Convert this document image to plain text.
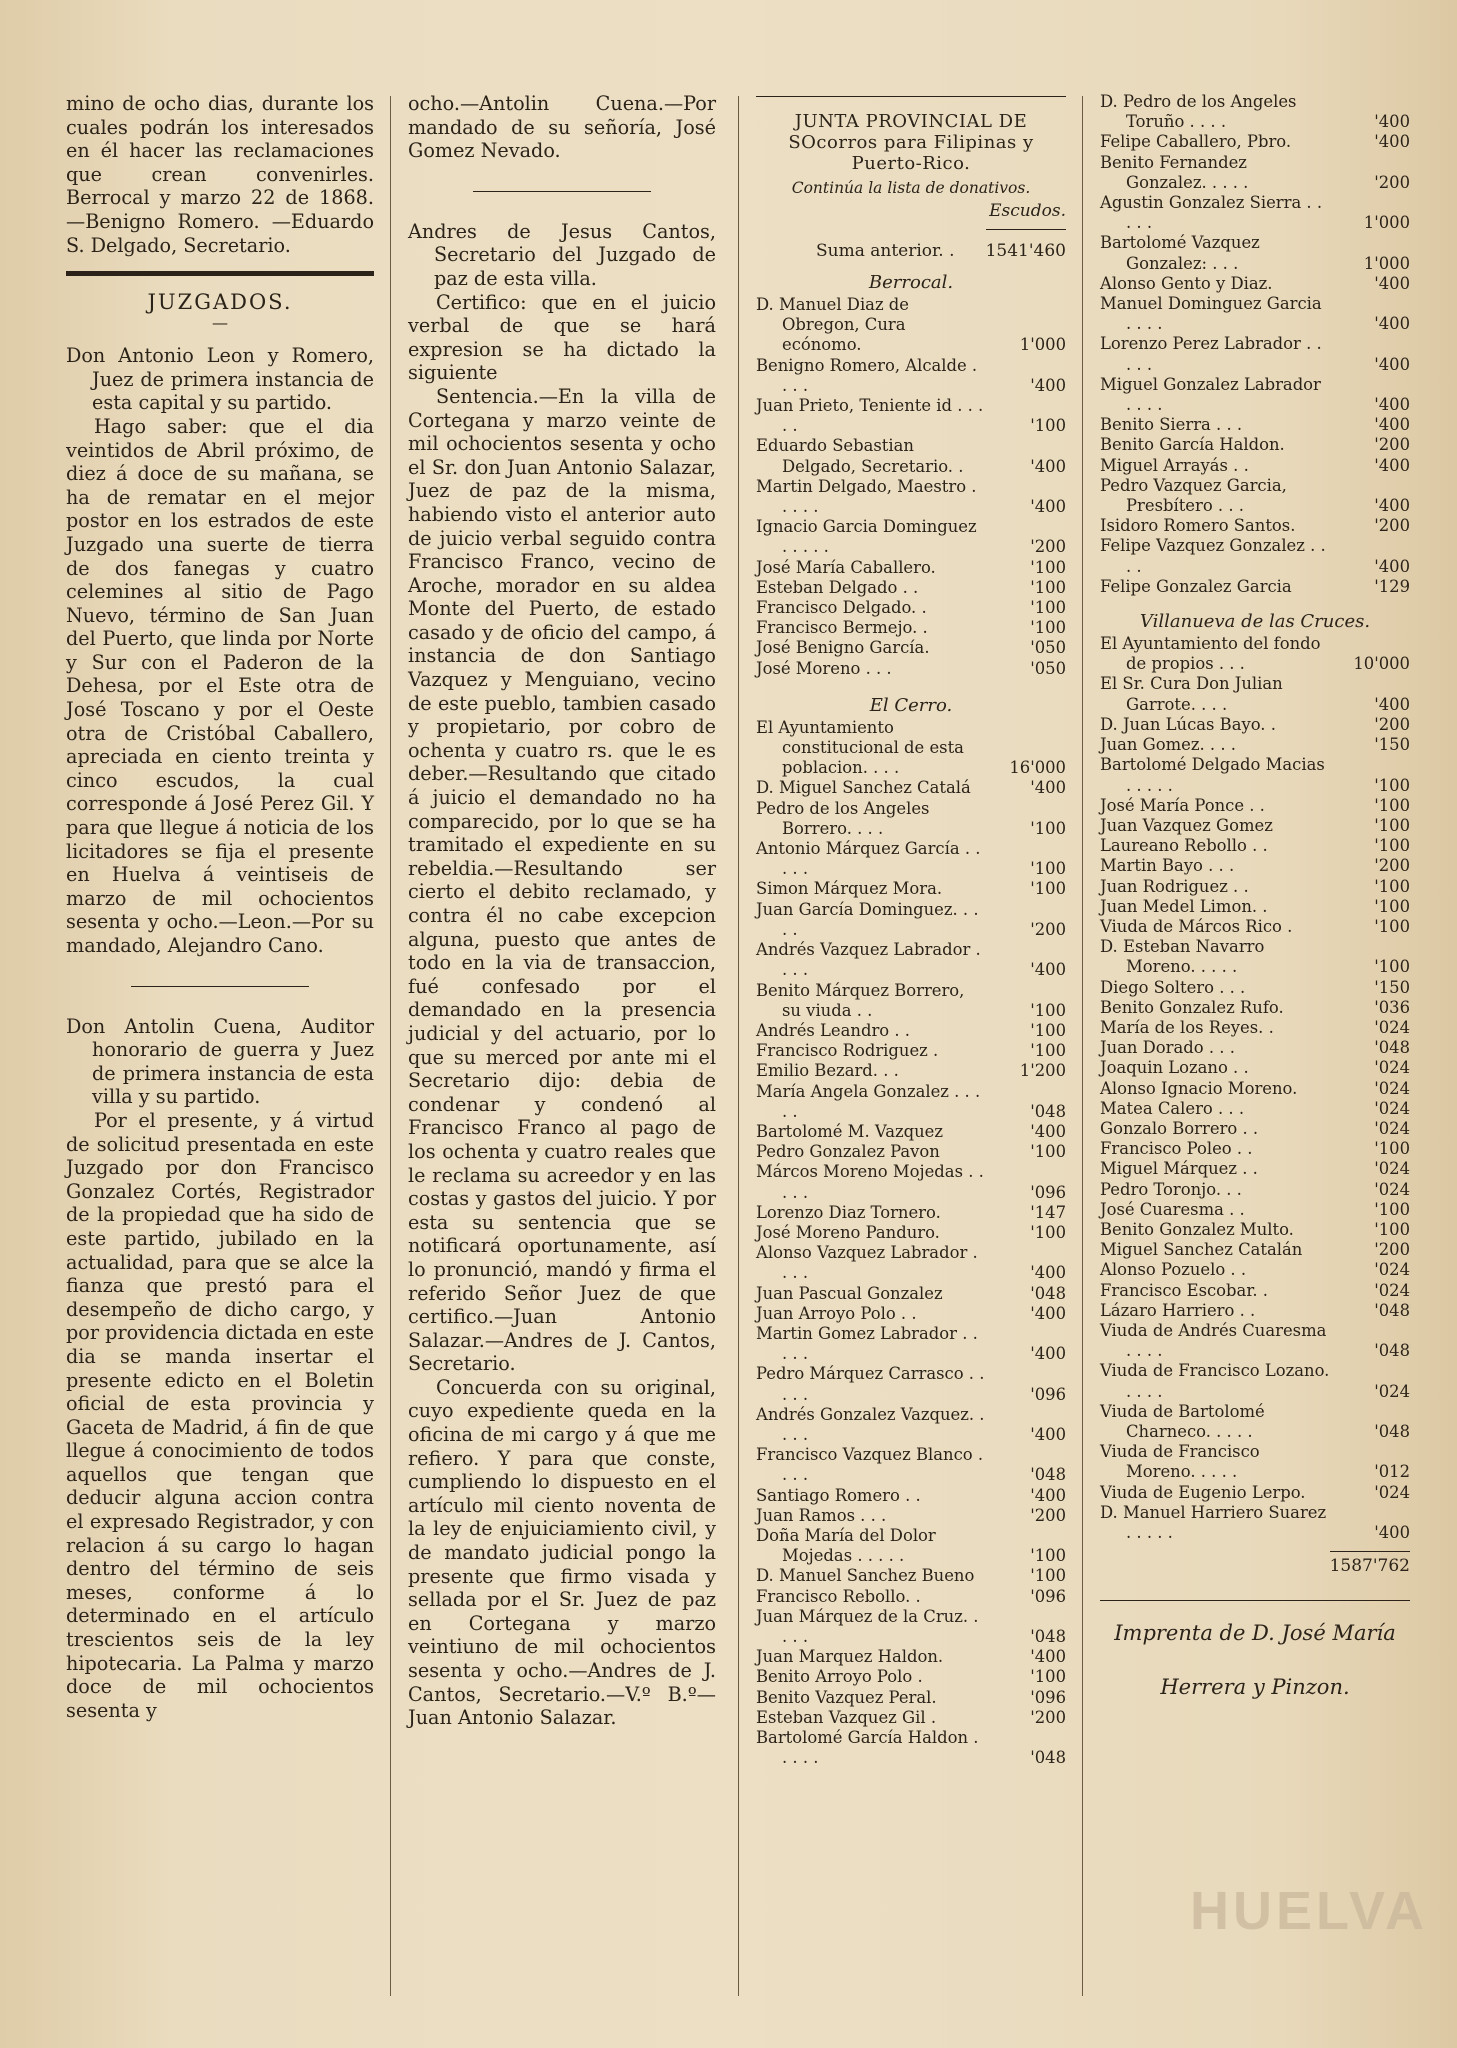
mino de ocho dias, durante los cuales podrán los interesados en él hacer las reclamaciones que crean convenirles. Berrocal y marzo 22 de 1868. —Benigno Romero. —Eduardo S. Delgado, Secretario.

JUZGADOS.
—

Don Antonio Leon y Romero, Juez de primera instancia de esta capital y su partido.

Hago saber: que el dia veintidos de Abril próximo, de diez á doce de su mañana, se ha de rematar en el mejor postor en los estrados de este Juzgado una suerte de tierra de dos fanegas y cuatro celemines al sitio de Pago Nuevo, término de San Juan del Puerto, que linda por Norte y Sur con el Paderon de la Dehesa, por el Este otra de José Toscano y por el Oeste otra de Cristóbal Caballero, apreciada en ciento treinta y cinco escudos, la cual corresponde á José Perez Gil. Y para que llegue á noticia de los licitadores se fija el presente en Huelva á veintiseis de marzo de mil ochocientos sesenta y ocho.—Leon.—Por su mandado, Alejandro Cano.

Don Antolin Cuena, Auditor honorario de guerra y Juez de primera instancia de esta villa y su partido.

Por el presente, y á virtud de solicitud presentada en este Juzgado por don Francisco Gonzalez Cortés, Registrador de la propiedad que ha sido de este partido, jubilado en la actualidad, para que se alce la fianza que prestó para el desempeño de dicho cargo, y por providencia dictada en este dia se manda insertar el presente edicto en el Boletin oficial de esta provincia y Gaceta de Madrid, á fin de que llegue á conocimiento de todos aquellos que tengan que deducir alguna accion contra el expresado Registrador, y con relacion á su cargo lo hagan dentro del término de seis meses, conforme á lo determinado en el artículo trescientos seis de la ley hipotecaria. La Palma y marzo doce de mil ochocientos sesenta y

ocho.—Antolin Cuena.—Por mandado de su señoría, José Gomez Nevado.

Andres de Jesus Cantos, Secretario del Juzgado de paz de esta villa.

Certifico: que en el juicio verbal de que se hará expresion se ha dictado la siguiente

Sentencia.—En la villa de Cortegana y marzo veinte de mil ochocientos sesenta y ocho el Sr. don Juan Antonio Salazar, Juez de paz de la misma, habiendo visto el anterior auto de juicio verbal seguido contra Francisco Franco, vecino de Aroche, morador en su aldea Monte del Puerto, de estado casado y de oficio del campo, á instancia de don Santiago Vazquez y Menguiano, vecino de este pueblo, tambien casado y propietario, por cobro de ochenta y cuatro rs. que le es deber.—Resultando que citado á juicio el demandado no ha comparecido, por lo que se ha tramitado el expediente en su rebeldia.—Resultando ser cierto el debito reclamado, y contra él no cabe excepcion alguna, puesto que antes de todo en la via de transaccion, fué confesado por el demandado en la presencia judicial y del actuario, por lo que su merced por ante mi el Secretario dijo: debia de condenar y condenó al Francisco Franco al pago de los ochenta y cuatro reales que le reclama su acreedor y en las costas y gastos del juicio. Y por esta su sentencia que se notificará oportunamente, así lo pronunció, mandó y firma el referido Señor Juez de que certifico.—Juan Antonio Salazar.—Andres de J. Cantos, Secretario.

Concuerda con su original, cuyo expediente queda en la oficina de mi cargo y á que me refiero. Y para que conste, cumpliendo lo dispuesto en el artículo mil ciento noventa de la ley de enjuiciamiento civil, y de mandato judicial pongo la presente que firmo visada y sellada por el Sr. Juez de paz en Cortegana y marzo veintiuno de mil ochocientos sesenta y ocho.—Andres de J. Cantos, Secretario.—V.º B.º—Juan Antonio Salazar.

JUNTA PROVINCIAL DE SOcorros para Filipinas y Puerto-Rico.
Continúa la lista de donativos.
Escudos.
Suma anterior. . 1541'460
Berrocal.
D. Manuel Diaz de Obregon, Cura ecónomo.	1'000
Benigno Romero, Alcalde . . . .	'400
Juan Prieto, Teniente id . . . . .	'100
Eduardo Sebastian Delgado, Secretario. .	'400
Martin Delgado, Maestro . . . . .	'400
Ignacio Garcia Dominguez . . . . .	'200
José María Caballero.	'100
Esteban Delgado . .	'100
Francisco Delgado. .	'100
Francisco Bermejo. .	'100
José Benigno García.	'050
José Moreno . . .	'050
El Cerro.
El Ayuntamiento constitucional de esta poblacion. . . .	16'000
D. Miguel Sanchez Catalá	'400
Pedro de los Angeles Borrero. . . .	'100
Antonio Márquez García . . . . .	'100
Simon Márquez Mora.	'100
Juan García Dominguez. . . . .	'200
Andrés Vazquez Labrador . . . .	'400
Benito Márquez Borrero, su viuda . .	'100
Andrés Leandro . .	'100
Francisco Rodriguez .	'100
Emilio Bezard. . .	1'200
María Angela Gonzalez . . . . .	'048
Bartolomé M. Vazquez	'400
Pedro Gonzalez Pavon	'100
Márcos Moreno Mojedas . . . . .	'096
Lorenzo Diaz Tornero.	'147
José Moreno Panduro.	'100
Alonso Vazquez Labrador . . . .	'400
Juan Pascual Gonzalez	'048
Juan Arroyo Polo . .	'400
Martin Gomez Labrador . . . . .	'400
Pedro Márquez Carrasco . . . . .	'096
Andrés Gonzalez Vazquez. . . . .	'400
Francisco Vazquez Blanco . . . .	'048
Santiago Romero . .	'400
Juan Ramos . . .	'200
Doña María del Dolor Mojedas . . . . .	'100
D. Manuel Sanchez Bueno	'100
Francisco Rebollo. .	'096
Juan Márquez de la Cruz. . . . .	'048
Juan Marquez Haldon.	'400
Benito Arroyo Polo .	'100
Benito Vazquez Peral.	'096
Esteban Vazquez Gil .	'200
Bartolomé García Haldon . . . . .	'048
D. Pedro de los Angeles Toruño . . . .	'400
Felipe Caballero, Pbro.	'400
Benito Fernandez Gonzalez. . . . .	'200
Agustin Gonzalez Sierra . . . . .	1'000
Bartolomé Vazquez Gonzalez: . . .	1'000
Alonso Gento y Diaz.	'400
Manuel Dominguez Garcia . . . .	'400
Lorenzo Perez Labrador . . . . .	'400
Miguel Gonzalez Labrador . . . .	'400
Benito Sierra . . .	'400
Benito García Haldon.	'200
Miguel Arrayás . .	'400
Pedro Vazquez Garcia, Presbítero . . .	'400
Isidoro Romero Santos.	'200
Felipe Vazquez Gonzalez . . . .	'400
Felipe Gonzalez Garcia	'129
Villanueva de las Cruces.
El Ayuntamiento del fondo de propios . . .	10'000
El Sr. Cura Don Julian Garrote. . . .	'400
D. Juan Lúcas Bayo. .	'200
Juan Gomez. . . .	'150
Bartolomé Delgado Macias . . . . .	'100
José María Ponce . .	'100
Juan Vazquez Gomez	'100
Laureano Rebollo . .	'100
Martin Bayo . . .	'200
Juan Rodriguez . .	'100
Juan Medel Limon. .	'100
Viuda de Márcos Rico .	'100
D. Esteban Navarro Moreno. . . . .	'100
Diego Soltero . . .	'150
Benito Gonzalez Rufo.	'036
María de los Reyes. .	'024
Juan Dorado . . .	'048
Joaquin Lozano . .	'024
Alonso Ignacio Moreno.	'024
Matea Calero . . .	'024
Gonzalo Borrero . .	'024
Francisco Poleo . .	'100
Miguel Márquez . .	'024
Pedro Toronjo. . .	'024
José Cuaresma . .	'100
Benito Gonzalez Multo.	'100
Miguel Sanchez Catalán	'200
Alonso Pozuelo . .	'024
Francisco Escobar. .	'024
Lázaro Harriero . .	'048
Viuda de Andrés Cuaresma . . . .	'048
Viuda de Francisco Lozano. . . . .	'024
Viuda de Bartolomé Charneco. . . . .	'048
Viuda de Francisco Moreno. . . . .	'012
Viuda de Eugenio Lerpo.	'024
D. Manuel Harriero Suarez . . . . .	'400
1587'762
Imprenta de D. José María
Herrera y Pinzon.
HUELVA
